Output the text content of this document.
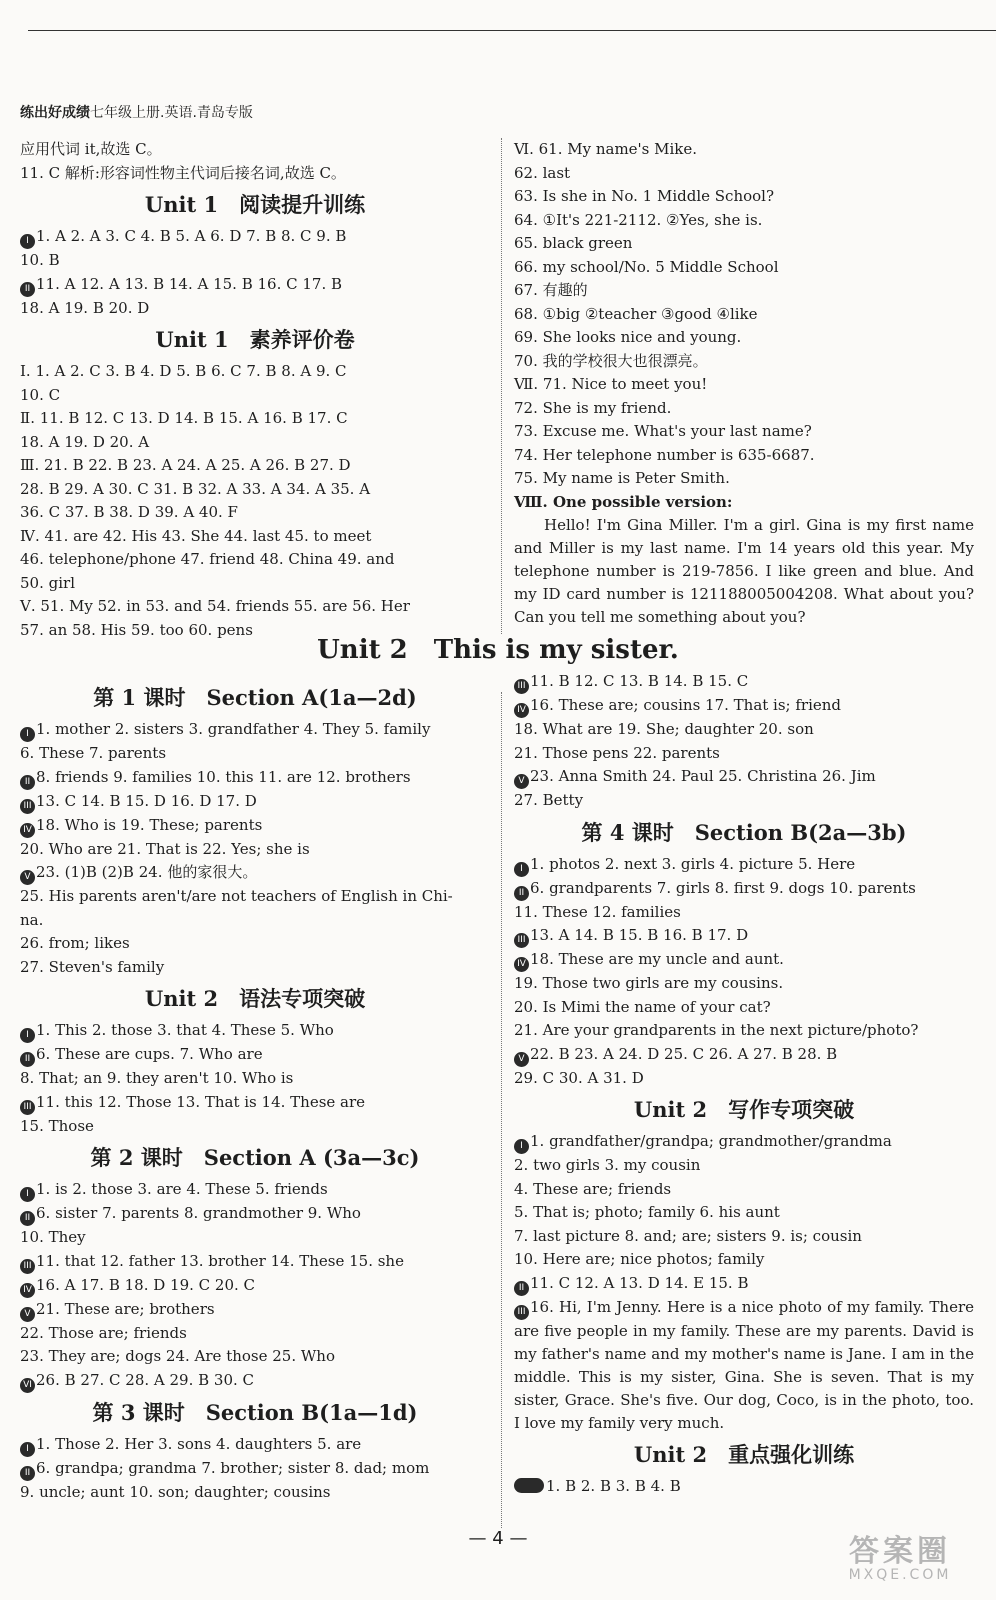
练出好成绩七年级上册.英语.青岛专版
应用代词 it,故选 C。
11. C 解析:形容词性物主代词后接名词,故选 C。
Unit 1　阅读提升训练
I 1. A 2. A 3. C 4. B 5. A 6. D 7. B 8. C 9. B
10. B
II 11. A 12. A 13. B 14. A 15. B 16. C 17. B
18. A 19. B 20. D
Unit 1　素养评价卷
Ⅰ. 1. A 2. C 3. B 4. D 5. B 6. C 7. B 8. A 9. C
10. C
Ⅱ. 11. B 12. C 13. D 14. B 15. A 16. B 17. C
18. A 19. D 20. A
Ⅲ. 21. B 22. B 23. A 24. A 25. A 26. B 27. D
28. B 29. A 30. C 31. B 32. A 33. A 34. A 35. A
36. C 37. B 38. D 39. A 40. F
Ⅳ. 41. are 42. His 43. She 44. last 45. to meet
46. telephone/phone 47. friend 48. China 49. and
50. girl
Ⅴ. 51. My 52. in 53. and 54. friends 55. are 56. Her
57. an 58. His 59. too 60. pens
Ⅵ. 61. My name's Mike.
62. last
63. Is she in No. 1 Middle School?
64. ①It's 221-2112. ②Yes, she is.
65. black green
66. my school/No. 5 Middle School
67. 有趣的
68. ①big ②teacher ③good ④like
69. She looks nice and young.
70. 我的学校很大也很漂亮。
Ⅶ. 71. Nice to meet you!
72. She is my friend.
73. Excuse me. What's your last name?
74. Her telephone number is 635-6687.
75. My name is Peter Smith.
Ⅷ. One possible version:
Hello! I'm Gina Miller. I'm a girl. Gina is my first name and Miller is my last name. I'm 14 years old this year. My telephone number is 219-7856. I like green and blue. And my ID card number is 121188005004208. What about you? Can you tell me something about you?
Unit 2　This is my sister.
第 1 课时　Section A(1a—2d)
I 1. mother 2. sisters 3. grandfather 4. They 5. family
6. These 7. parents
II 8. friends 9. families 10. this 11. are 12. brothers
III 13. C 14. B 15. D 16. D 17. D
IV 18. Who is 19. These; parents
20. Who are 21. That is 22. Yes; she is
V 23. (1)B (2)B 24. 他的家很大。
25. His parents aren't/are not teachers of English in Chi-
na.
26. from; likes
27. Steven's family
Unit 2　语法专项突破
I 1. This 2. those 3. that 4. These 5. Who
II 6. These are cups. 7. Who are
8. That; an 9. they aren't 10. Who is
III 11. this 12. Those 13. That is 14. These are
15. Those
第 2 课时　Section A (3a—3c)
I 1. is 2. those 3. are 4. These 5. friends
II 6. sister 7. parents 8. grandmother 9. Who
10. They
III 11. that 12. father 13. brother 14. These 15. she
IV 16. A 17. B 18. D 19. C 20. C
V 21. These are; brothers
22. Those are; friends
23. They are; dogs 24. Are those 25. Who
VI 26. B 27. C 28. A 29. B 30. C
第 3 课时　Section B(1a—1d)
I 1. Those 2. Her 3. sons 4. daughters 5. are
II 6. grandpa; grandma 7. brother; sister 8. dad; mom
9. uncle; aunt 10. son; daughter; cousins
III 11. B 12. C 13. B 14. B 15. C
IV 16. These are; cousins 17. That is; friend
18. What are 19. She; daughter 20. son
21. Those pens 22. parents
V 23. Anna Smith 24. Paul 25. Christina 26. Jim
27. Betty
第 4 课时　Section B(2a—3b)
I 1. photos 2. next 3. girls 4. picture 5. Here
II 6. grandparents 7. girls 8. first 9. dogs 10. parents
11. These 12. families
III 13. A 14. B 15. B 16. B 17. D
IV 18. These are my uncle and aunt.
19. Those two girls are my cousins.
20. Is Mimi the name of your cat?
21. Are your grandparents in the next picture/photo?
V 22. B 23. A 24. D 25. C 26. A 27. B 28. B
29. C 30. A 31. D
Unit 2　写作专项突破
I 1. grandfather/grandpa; grandmother/grandma
2. two girls 3. my cousin
4. These are; friends
5. That is; photo; family 6. his aunt
7. last picture 8. and; are; sisters 9. is; cousin
10. Here are; nice photos; family
II 11. C 12. A 13. D 14. E 15. B
III 16. Hi, I'm Jenny. Here is a nice photo of my family. There are five people in my family. These are my parents. David is my father's name and my mother's name is Jane. I am in the middle. This is my sister, Gina. She is seven. That is my sister, Grace. She's five. Our dog, Coco, is in the photo, too. I love my family very much.
Unit 2　重点强化训练
1. B 2. B 3. B 4. B
— 4 —	答案圈
MXQE.COM
